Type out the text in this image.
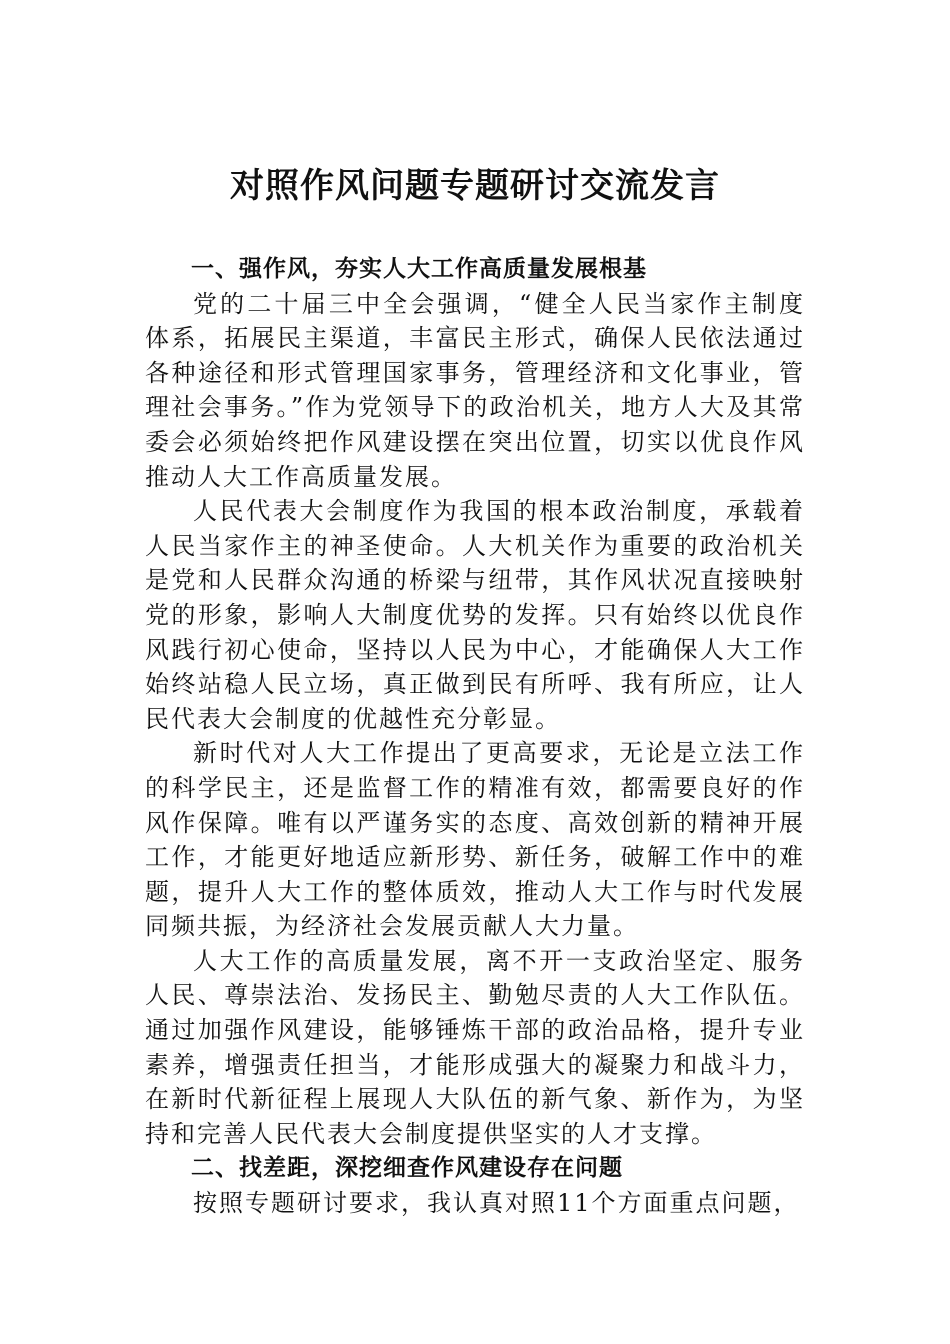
对照作风问题专题研讨交流发言
一、强作风，夯实人大工作高质量发展根基

党的二十届三中全会强调，“健全人民当家作主制度体系，拓展民主渠道，丰富民主形式，确保人民依法通过各种途径和形式管理国家事务，管理经济和文化事业，管理社会事务。”作为党领导下的政治机关，地方人大及其常委会必须始终把作风建设摆在突出位置，切实以优良作风推动人大工作高质量发展。

人民代表大会制度作为我国的根本政治制度，承载着人民当家作主的神圣使命。人大机关作为重要的政治机关是党和人民群众沟通的桥梁与纽带，其作风状况直接映射党的形象，影响人大制度优势的发挥。只有始终以优良作风践行初心使命，坚持以人民为中心，才能确保人大工作始终站稳人民立场，真正做到民有所呼、我有所应，让人民代表大会制度的优越性充分彰显。

新时代对人大工作提出了更高要求，无论是立法工作的科学民主，还是监督工作的精准有效，都需要良好的作风作保障。唯有以严谨务实的态度、高效创新的精神开展工作，才能更好地适应新形势、新任务，破解工作中的难题，提升人大工作的整体质效，推动人大工作与时代发展同频共振，为经济社会发展贡献人大力量。

人大工作的高质量发展，离不开一支政治坚定、服务人民、尊崇法治、发扬民主、勤勉尽责的人大工作队伍。通过加强作风建设，能够锤炼干部的政治品格，提升专业素养，增强责任担当，才能形成强大的凝聚力和战斗力，在新时代新征程上展现人大队伍的新气象、新作为，为坚持和完善人民代表大会制度提供坚实的人才支撑。

二、找差距，深挖细查作风建设存在问题

按照专题研讨要求，我认真对照11个方面重点问题，
